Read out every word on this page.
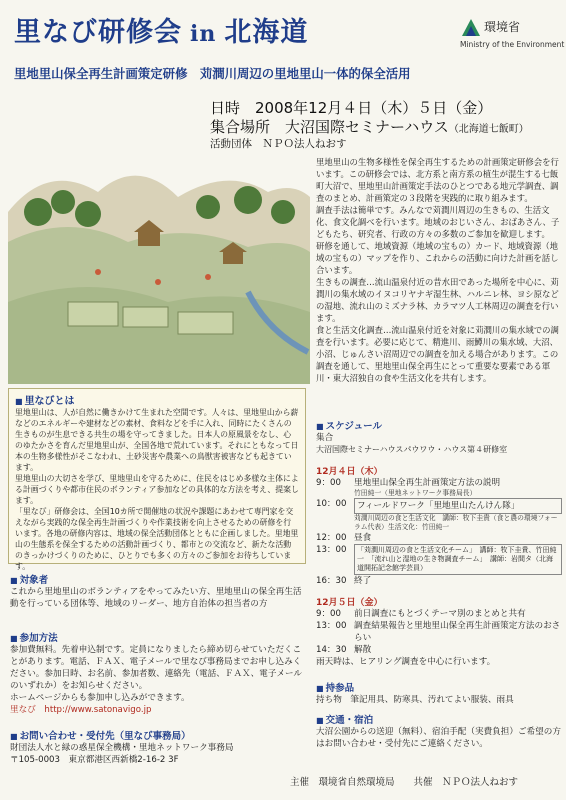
里なび研修会 in 北海道	環境省
Ministry of the Environment
里地里山保全再生計画策定研修　苅澗川周辺の里地里山一体的保全活用
日時　2008年12月４日（木）５日（金）
集合場所　大沼国際セミナーハウス（北海道七飯町）
活動団体　ＮＰＯ法人ねおす

里地里山の生物多様性を保全再生するための計画策定研修会を行います。この研修会では、北方系と南方系の植生が混生する七飯町大沼で、里地里山計画策定手法のひとつである地元学調査、調査のまとめ、計画策定の３段階を実践的に取り組みます。

調査手法は簡単です。みんなで苅澗川周辺の生きもの、生活文化、食文化調べを行います。地域のおじいさん、おばあさん、子どもたち、研究者、行政の方々の多数のご参加を歓迎します。

研修を通して、地域資源（地域の宝もの）カード、地域資源（地域の宝もの）マップを作り、これからの活動に向けた計画を話し合います。

生きもの調査…流山温泉付近の昔水田であった場所を中心に、苅澗川の集水域のイヌコリヤナギ湿生林、ハルニレ林、ヨシ原などの湿地、流れ山のミズナラ林、カラマツ人工林周辺の調査を行います。

食と生活文化調査…流山温泉付近を対象に苅澗川の集水域での調査を行います。必要に応じて、精進川、雨鱒川の集水域、大沼、小沼、じゅんさい沼周辺での調査を加える場合があります。この調査を通して、里地里山保全再生にとって重要な要素である軍川・東大沼独自の食や生活文化を共有します。

■ 里なびとは

里地里山は、人が自然に働きかけて生まれた空間です。人々は、里地里山から薪などのエネルギーや建材などの素材、食料などを手に入れ、同時にたくさんの生きものが生息できる共生の場を守ってきました。日本人の原風景をなし、心のゆたかさを育んだ里地里山が、全国各地で荒れています。それにともなって日本の生物多様性がそこなわれ、土砂災害や農業への鳥獣害被害なども起きています。

里地里山の大切さを学び、里地里山を守るために、住民をはじめ多様な主体による計画づくりや都市住民のボランティア参加などの具体的な方法を考え、提案します。

「里なび」研修会は、全国10カ所で開催地の状況や課題にあわせて専門家を交えながら実践的な保全再生計画づくりや作業技術を向上させるための研修を行います。各地の研修内容は、地域の保全活動団体とともに企画しました。里地里山の生態系を保全するための活動計画づくり、都市との交流など、新たな活動のきっかけづくりのために、ひとりでも多くの方々のご参加をお待ちしています。

■ 対象者
これから里地里山のボランティアをやってみたい方、里地里山の保全再生活動を行っている団体等、地域のリーダー、地方自治体の担当者の方
■ 参加方法
参加費無料。先着申込制です。定員になりましたら締め切らせていただくことがあります。電話、ＦＡＸ、電子メールで里なび事務局までお申し込みください。参加日時、お名前、参加者数、連絡先（電話、ＦＡＸ、電子メールのいずれか）をお知らせください。
ホームページからも参加申し込みができます。
里なび　http://www.satonavigo.jp
■ お問い合わせ・受付先（里なび事務局）
財団法人水と緑の惑星保全機構・里地ネットワーク事務局
〒105-0003　東京都港区西新橋2-16-2 3F
■ スケジュール
集合
大沼国際セミナーハウスパウワウ・ハウス第４研修室
12月４日（木）
9：00	里地里山保全再生計画策定方法の説明
竹田純一（里地ネットワーク事務局長）
10：00	フィールドワーク「里地里山たんけん隊」
苅澗川周辺の食と生活文化　講師：牧下圭貴（食と農の環境フォーラム代表）生活文化：竹田純一
12：00 昼食
13：00	「苅澗川周辺の食と生活文化チーム」　講師：牧下圭貴、竹田純一　「流れ山と湿地の生き物調査チーム」　講師：岩間タ（北海道開拓記念館学芸員）
16：30 終了
12月５日（金）
9：00	前日調査にもとづくテーマ別のまとめと共有
13：00 調査結果報告と里地里山保全再生計画策定方法のおさらい
14：30 解散
雨天時は、ヒアリング調査を中心に行います。
■ 持参品
持ち物　筆記用具、防寒具、汚れてよい服装、雨具
■ 交通・宿泊
大沼公園からの送迎（無料）、宿泊手配（実費負担）ご希望の方はお問い合わせ・受付先にご連絡ください。
主催　環境省自然環境局　　共催　ＮＰＯ法人ねおす
